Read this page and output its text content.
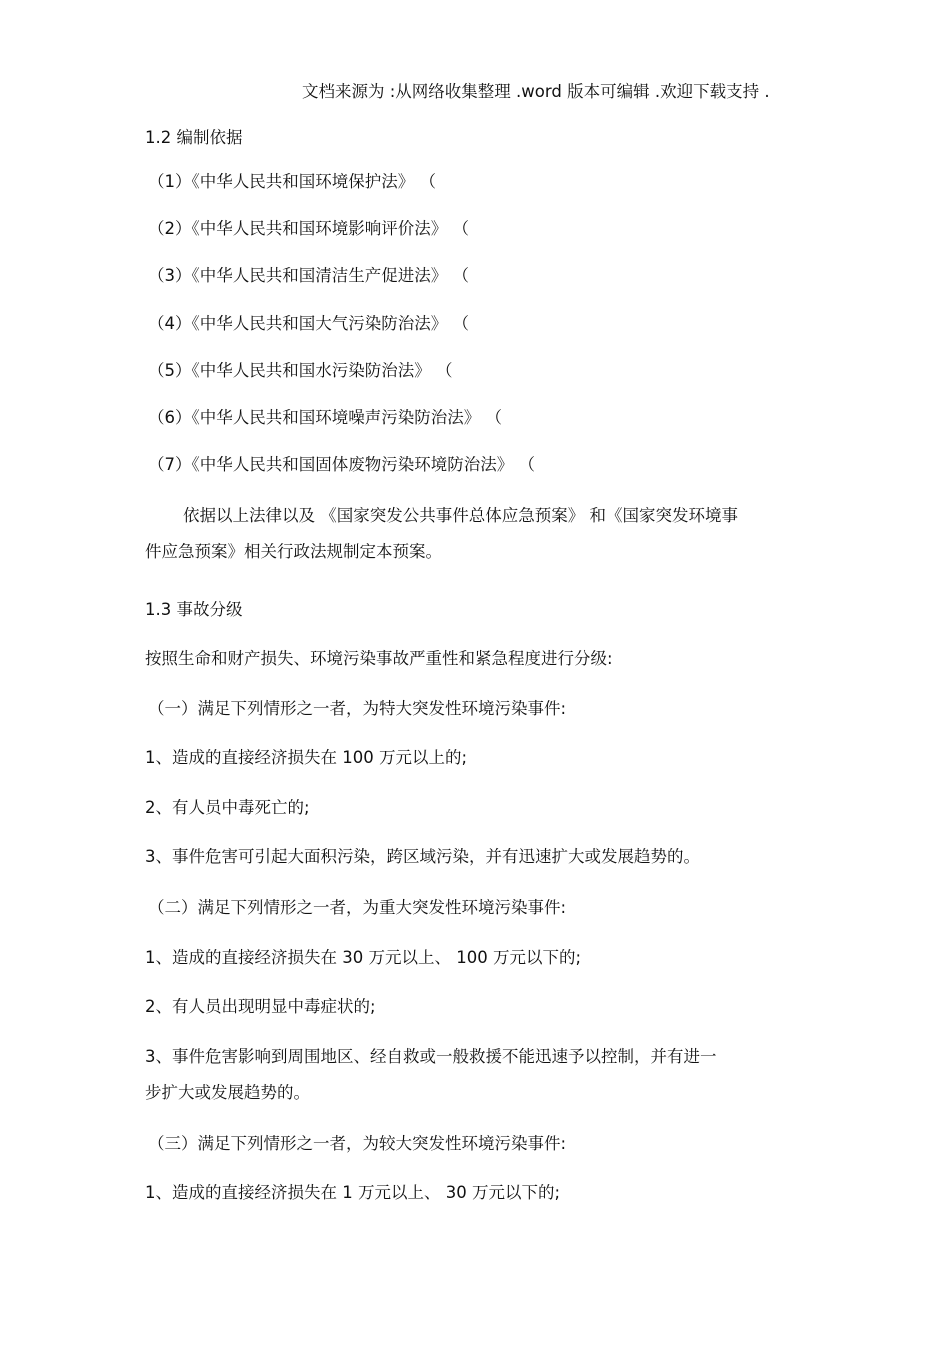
文档来源为 :从网络收集整理 .word 版本可编辑 .欢迎下载支持 .
1.2 编制依据
（1）《中华人民共和国环境保护法》 （
（2）《中华人民共和国环境影响评价法》 （
（3）《中华人民共和国清洁生产促进法》 （
（4）《中华人民共和国大气污染防治法》 （
（5）《中华人民共和国水污染防治法》 （
（6）《中华人民共和国环境噪声污染防治法》 （
（7）《中华人民共和国固体废物污染环境防治法》 （
依据以上法律以及 《国家突发公共事件总体应急预案》 和《国家突发环境事
件应急预案》相关行政法规制定本预案。
1.3 事故分级
按照生命和财产损失、环境污染事故严重性和紧急程度进行分级:
（一）满足下列情形之一者，为特大突发性环境污染事件:
1、造成的直接经济损失在 100 万元以上的;
2、有人员中毒死亡的;
3、事件危害可引起大面积污染，跨区域污染，并有迅速扩大或发展趋势的。
（二）满足下列情形之一者，为重大突发性环境污染事件:
1、造成的直接经济损失在 30 万元以上、 100 万元以下的;
2、有人员出现明显中毒症状的;
3、事件危害影响到周围地区、经自救或一般救援不能迅速予以控制，并有进一
步扩大或发展趋势的。
（三）满足下列情形之一者，为较大突发性环境污染事件:
1、造成的直接经济损失在 1 万元以上、 30 万元以下的;
